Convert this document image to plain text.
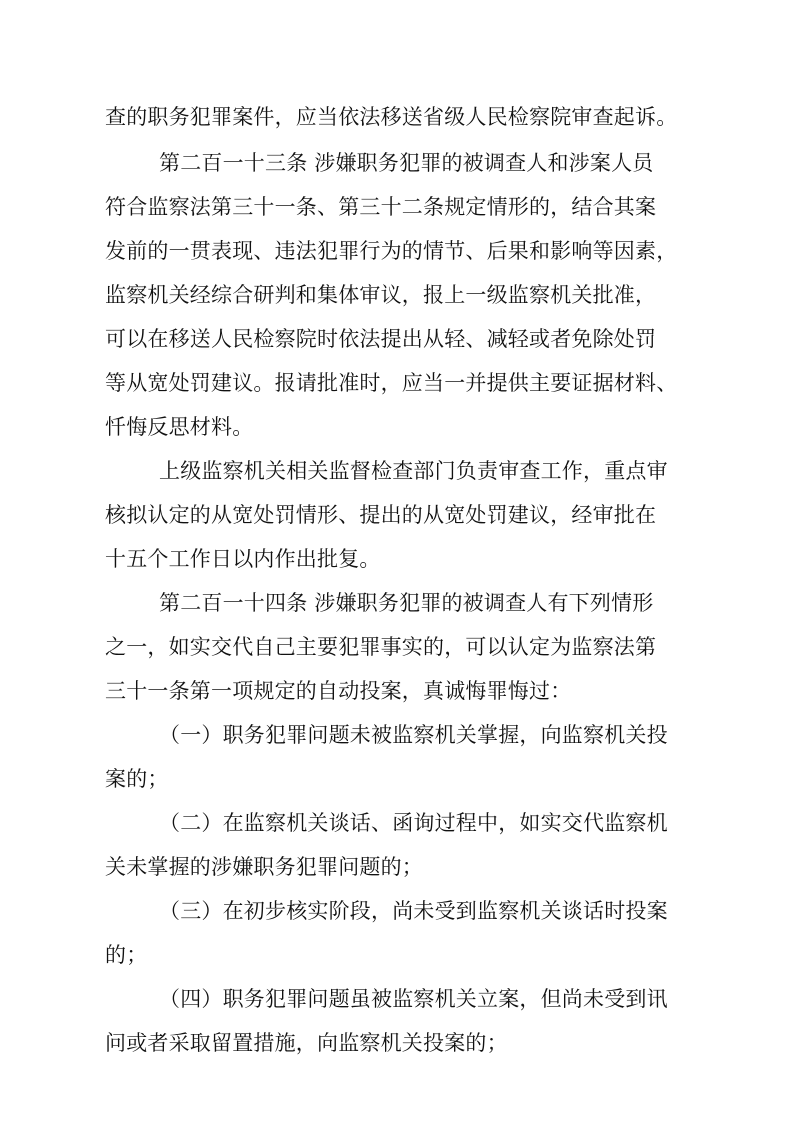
查的职务犯罪案件，应当依法移送省级人民检察院审查起诉。
第二百一十三条 涉嫌职务犯罪的被调查人和涉案人员
符合监察法第三十一条、第三十二条规定情形的，结合其案
发前的一贯表现、违法犯罪行为的情节、后果和影响等因素，
监察机关经综合研判和集体审议，报上一级监察机关批准，
可以在移送人民检察院时依法提出从轻、减轻或者免除处罚
等从宽处罚建议。报请批准时，应当一并提供主要证据材料、
忏悔反思材料。
上级监察机关相关监督检查部门负责审查工作，重点审
核拟认定的从宽处罚情形、提出的从宽处罚建议，经审批在
十五个工作日以内作出批复。
第二百一十四条 涉嫌职务犯罪的被调查人有下列情形
之一，如实交代自己主要犯罪事实的，可以认定为监察法第
三十一条第一项规定的自动投案，真诚悔罪悔过：
（一）职务犯罪问题未被监察机关掌握，向监察机关投
案的；
（二）在监察机关谈话、函询过程中，如实交代监察机
关未掌握的涉嫌职务犯罪问题的；
（三）在初步核实阶段，尚未受到监察机关谈话时投案
的；
（四）职务犯罪问题虽被监察机关立案，但尚未受到讯
问或者采取留置措施，向监察机关投案的；
